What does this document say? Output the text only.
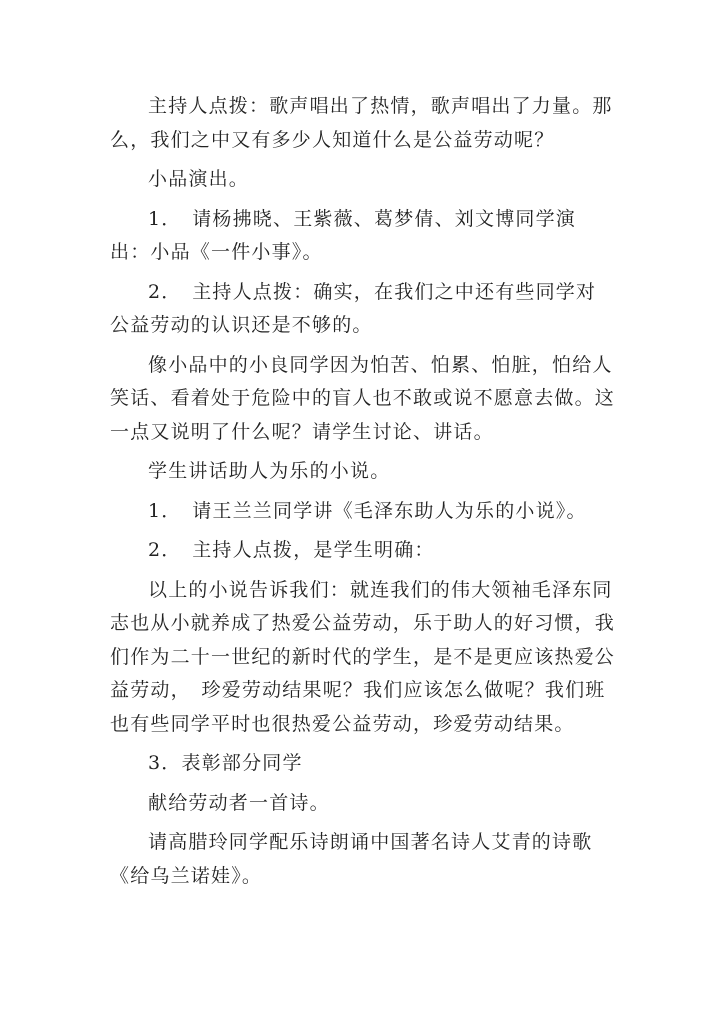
主持人点拨：歌声唱出了热情，歌声唱出了力量。那么，我们之中又有多少人知道什么是公益劳动呢？

小品演出。

1．　请杨拂晓、王紫薇、葛梦倩、刘文博同学演出：小品《一件小事》。

2．　主持人点拨：确实，在我们之中还有些同学对公益劳动的认识还是不够的。

像小品中的小良同学因为怕苦、怕累、怕脏，怕给人笑话、看着处于危险中的盲人也不敢或说不愿意去做。这一点又说明了什么呢？请学生讨论、讲话。

学生讲话助人为乐的小说。

1．　请王兰兰同学讲《毛泽东助人为乐的小说》。

2．　主持人点拨，是学生明确：

以上的小说告诉我们：就连我们的伟大领袖毛泽东同志也从小就养成了热爱公益劳动，乐于助人的好习惯，我们作为二十一世纪的新时代的学生，是不是更应该热爱公益劳动，　珍爱劳动结果呢？我们应该怎么做呢？我们班也有些同学平时也很热爱公益劳动，珍爱劳动结果。

3．表彰部分同学

献给劳动者一首诗。

请高腊玲同学配乐诗朗诵中国著名诗人艾青的诗歌《给乌兰诺娃》。
